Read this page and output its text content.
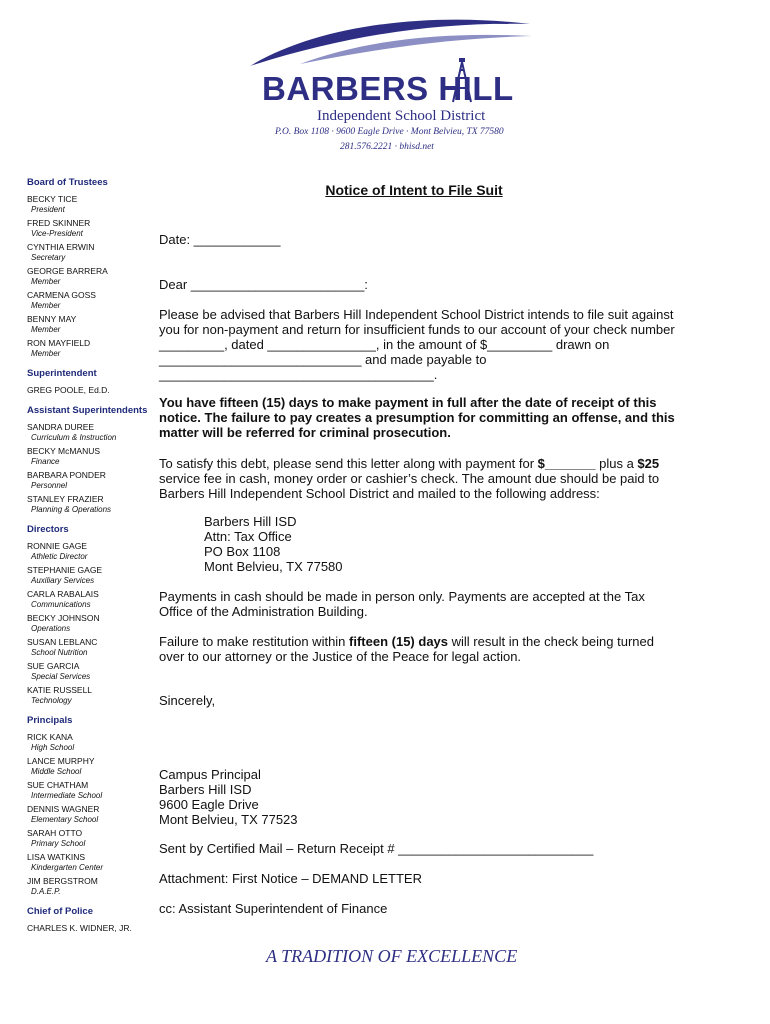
BARBERS HILL
Independent School District
P.O. Box 1108 · 9600 Eagle Drive · Mont Belvieu, TX 77580
281.576.2221 · bhisd.net
Board of Trustees
BECKY TICE
President
FRED SKINNER
Vice-President
CYNTHIA ERWIN
Secretary
GEORGE BARRERA
Member
CARMENA GOSS
Member
BENNY MAY
Member
RON MAYFIELD
Member
Superintendent
GREG POOLE, Ed.D.
Assistant Superintendents
SANDRA DUREE
Curriculum & Instruction
BECKY McMANUS
Finance
BARBARA PONDER
Personnel
STANLEY FRAZIER
Planning & Operations
Directors
RONNIE GAGE
Athletic Director
STEPHANIE GAGE
Auxiliary Services
CARLA RABALAIS
Communications
BECKY JOHNSON
Operations
SUSAN LEBLANC
School Nutrition
SUE GARCIA
Special Services
KATIE RUSSELL
Technology
Principals
RICK KANA
High School
LANCE MURPHY
Middle School
SUE CHATHAM
Intermediate School
DENNIS WAGNER
Elementary School
SARAH OTTO
Primary School
LISA WATKINS
Kindergarten Center
JIM BERGSTROM
D.A.E.P.
Chief of Police
CHARLES K. WIDNER, JR.
Notice of Intent to File Suit
Date: ____________
Dear ________________________:
Please be advised that Barbers Hill Independent School District intends to file suit against you for non-payment and return for insufficient funds to our account of your check number _________, dated _______________, in the amount of $_________ drawn on ____________________________ and made payable to ______________________________________.
You have fifteen (15) days to make payment in full after the date of receipt of this notice. The failure to pay creates a presumption for committing an offense, and this matter will be referred for criminal prosecution.
To satisfy this debt, please send this letter along with payment for $_______ plus a $25 service fee in cash, money order or cashier’s check. The amount due should be paid to Barbers Hill Independent School District and mailed to the following address:
Barbers Hill ISD
Attn: Tax Office
PO Box 1108
Mont Belvieu, TX 77580
Payments in cash should be made in person only. Payments are accepted at the Tax Office of the Administration Building.
Failure to make restitution within fifteen (15) days will result in the check being turned over to our attorney or the Justice of the Peace for legal action.
Sincerely,
Campus Principal
Barbers Hill ISD
9600 Eagle Drive
Mont Belvieu, TX 77523
Sent by Certified Mail – Return Receipt # ___________________________
Attachment: First Notice – DEMAND LETTER
cc: Assistant Superintendent of Finance
A TRADITION OF EXCELLENCE
